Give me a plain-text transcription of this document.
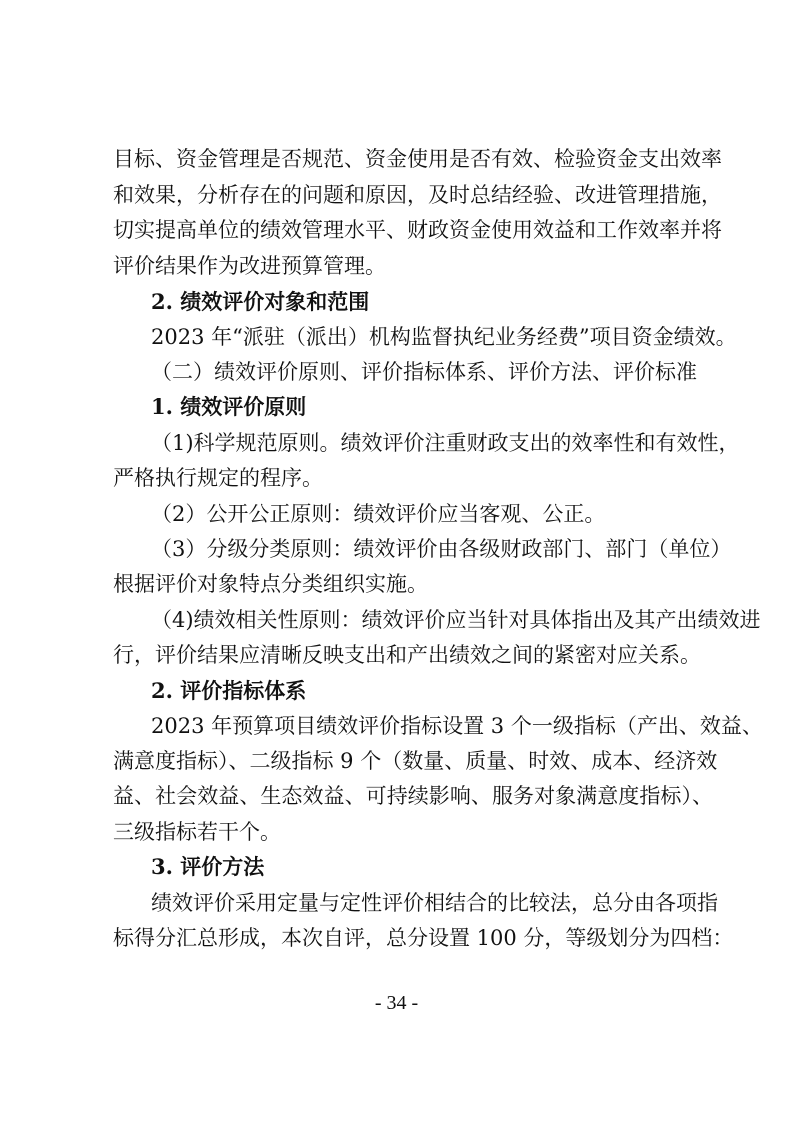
目标、资金管理是否规范、资金使用是否有效、检验资金支出效率
和效果，分析存在的问题和原因，及时总结经验、改进管理措施，
切实提高单位的绩效管理水平、财政资金使用效益和工作效率并将
评价结果作为改进预算管理。
2. 绩效评价对象和范围
2023 年“派驻（派出）机构监督执纪业务经费”项目资金绩效。
（二）绩效评价原则、评价指标体系、评价方法、评价标准
1. 绩效评价原则
（1)科学规范原则。绩效评价注重财政支出的效率性和有效性，
严格执行规定的程序。
（2）公开公正原则：绩效评价应当客观、公正。
（3）分级分类原则：绩效评价由各级财政部门、部门（单位）
根据评价对象特点分类组织实施。
（4)绩效相关性原则：绩效评价应当针对具体指出及其产出绩效进
行，评价结果应清晰反映支出和产出绩效之间的紧密对应关系。
2. 评价指标体系
2023 年预算项目绩效评价指标设置 3 个一级指标（产出、效益、
满意度指标）、二级指标 9 个（数量、质量、时效、成本、经济效
益、社会效益、生态效益、可持续影响、服务对象满意度指标）、
三级指标若干个。
3. 评价方法
绩效评价采用定量与定性评价相结合的比较法，总分由各项指
标得分汇总形成，本次自评，总分设置 100 分，等级划分为四档：
- 34 -
